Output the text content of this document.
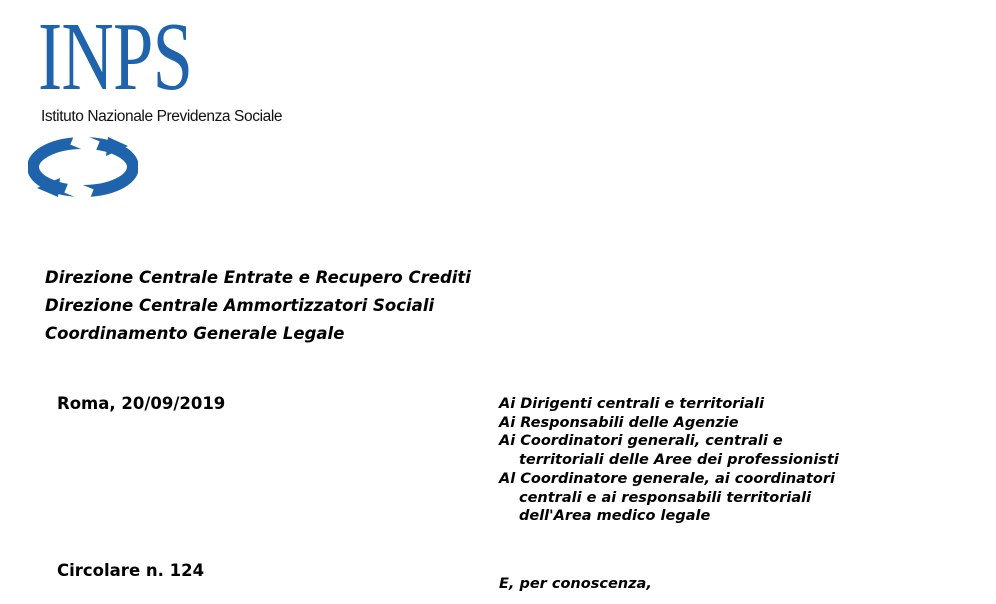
INPS
Istituto Nazionale Previdenza Sociale
Direzione Centrale Entrate e Recupero Crediti
Direzione Centrale Ammortizzatori Sociali
Coordinamento Generale Legale
Roma, 20/09/2019	Ai Dirigenti centrali e territoriali
Ai Responsabili delle Agenzie
Ai Coordinatori generali, centrali e
territoriali delle Aree dei professionisti
Al Coordinatore generale, ai coordinatori
centrali e ai responsabili territoriali
dell'Area medico legale
Circolare n. 124
E, per conoscenza,
